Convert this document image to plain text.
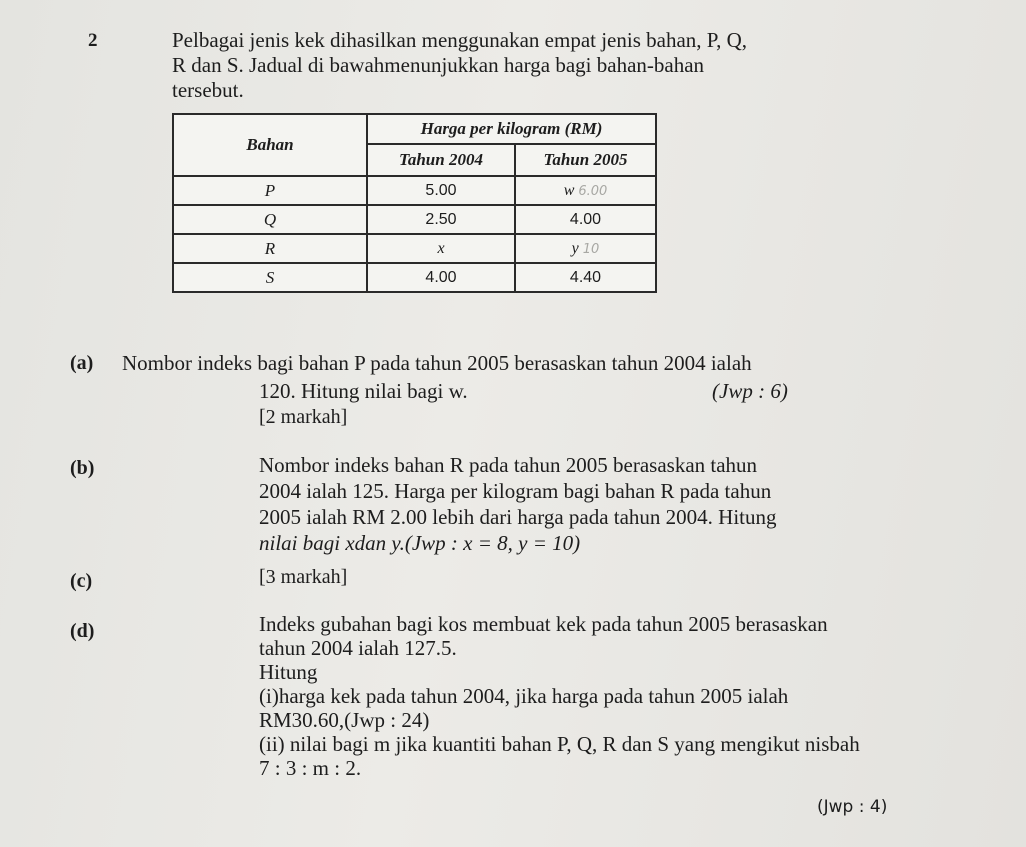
2	Pelbagai jenis kek dihasilkan menggunakan empat jenis bahan, P, Q,
R dan S. Jadual di bawahmenunjukkan harga bagi bahan-bahan
tersebut.
Bahan	Harga per kilogram (RM)	
	Tahun 2004	Tahun 2005
P	5.00	w 6.00
Q	2.50	4.00
R	x	y 10
S	4.00	4.40
(a) Nombor indeks bagi bahan P pada tahun 2005 berasaskan tahun 2004 ialah
120. Hitung nilai bagi w.	(Jwp : 6)
[2 markah]
(b)	Nombor indeks bahan R pada tahun 2005 berasaskan tahun
2004 ialah 125. Harga per kilogram bagi bahan R pada tahun
2005 ialah RM 2.00 lebih dari harga pada tahun 2004. Hitung
nilai bagi xdan y.(Jwp : x = 8, y = 10)
(c)	[3 markah]
(d)	Indeks gubahan bagi kos membuat kek pada tahun 2005 berasaskan
tahun 2004 ialah 127.5.
Hitung
(i)harga kek pada tahun 2004, jika harga pada tahun 2005 ialah
RM30.60,(Jwp : 24)
(ii) nilai bagi m jika kuantiti bahan P, Q, R dan S yang mengikut nisbah
7 : 3 : m : 2.
(Jwp : 4)
